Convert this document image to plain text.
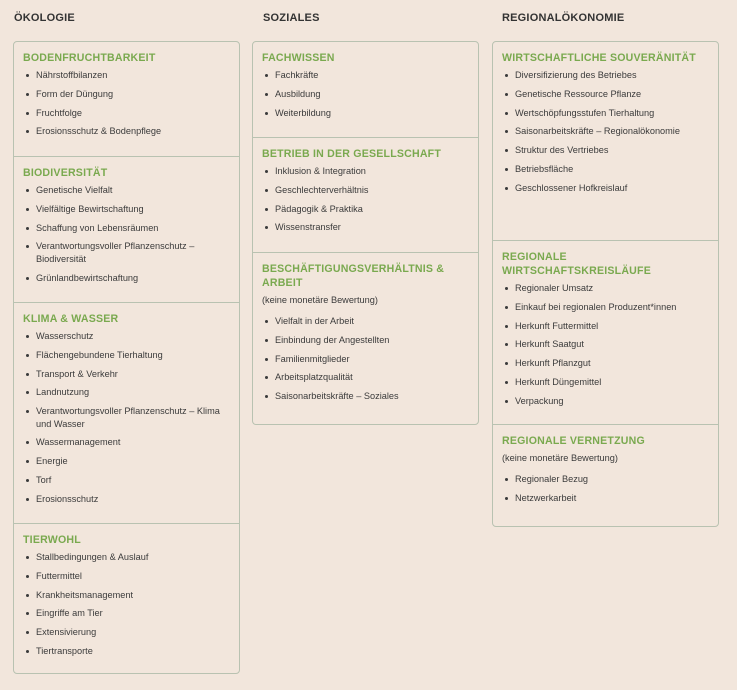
ÖKOLOGIE	SOZIALES	REGIONALÖKONOMIE
BODENFRUCHTBARKEIT
Nährstoffbilanzen
Form der Düngung
Fruchtfolge
Erosionsschutz & Bodenpflege
BIODIVERSITÄT
Genetische Vielfalt
Vielfältige Bewirtschaftung
Schaffung von Lebensräumen
Verantwortungsvoller Pflanzenschutz – Biodiversität
Grünlandbewirtschaftung
KLIMA & WASSER
Wasserschutz
Flächengebundene Tierhaltung
Transport & Verkehr
Landnutzung
Verantwortungsvoller Pflanzenschutz – Klima und Wasser
Wassermanagement
Energie
Torf
Erosionsschutz
TIERWOHL
Stallbedingungen & Auslauf
Futtermittel
Krankheitsmanagement
Eingriffe am Tier
Extensivierung
Tiertransporte
FACHWISSEN
Fachkräfte
Ausbildung
Weiterbildung
BETRIEB IN DER GESELLSCHAFT
Inklusion & Integration
Geschlechterverhältnis
Pädagogik & Praktika
Wissenstransfer
BESCHÄFTIGUNGSVERHÄLTNIS & ARBEIT
(keine monetäre Bewertung)
Vielfalt in der Arbeit
Einbindung der Angestellten
Familienmitglieder
Arbeitsplatzqualität
Saisonarbeitskräfte – Soziales
WIRTSCHAFTLICHE SOUVERÄNITÄT
Diversifizierung des Betriebes
Genetische Ressource Pflanze
Wertschöpfungsstufen Tierhaltung
Saisonarbeitskräfte – Regionalökonomie
Struktur des Vertriebes
Betriebsfläche
Geschlossener Hofkreislauf
REGIONALE WIRTSCHAFTSKREISLÄUFE
Regionaler Umsatz
Einkauf bei regionalen Produzent*innen
Herkunft Futtermittel
Herkunft Saatgut
Herkunft Pflanzgut
Herkunft Düngemittel
Verpackung
REGIONALE VERNETZUNG
(keine monetäre Bewertung)
Regionaler Bezug
Netzwerkarbeit
